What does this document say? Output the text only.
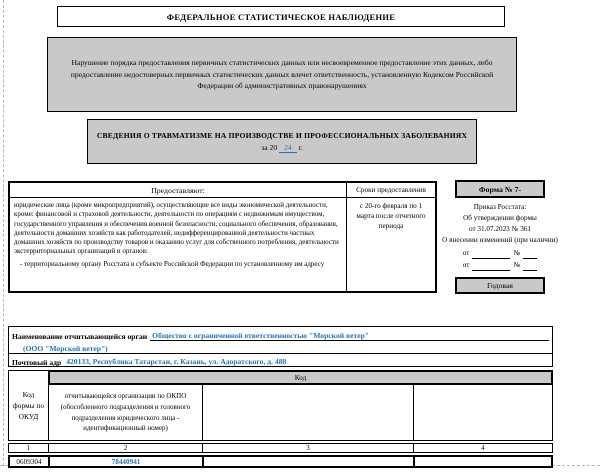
ФЕДЕРАЛЬНОЕ СТАТИСТИЧЕСКОЕ НАБЛЮДЕНИЕ
Нарушение порядка предоставления первичных статистических данных или несвоевременное предоставление этих данных, либо предоставление недостоверных первичных статистических данных влечет ответственность, установленную Кодексом Российской Федерации об административных правонарушениях
СВЕДЕНИЯ О ТРАВМАТИЗМЕ НА ПРОИЗВОДСТВЕ И ПРОФЕССИОНАЛЬНЫХ ЗАБОЛЕВАНИЯХ
за 20 24 г.
Предоставляют:	Сроки предоставления
юридические лица (кроме микропредприятий), осуществляющие все виды экономической деятельности, кроме: финансовой и страховой деятельности, деятельности по операциям с недвижимым имуществом, государственного управления и обеспечения военной безопасности, социального обеспечения, образования, деятельности домашних хозяйств как работодателей, недифференцированной деятельности частных домашних хозяйств по производству товаров и оказанию услуг для собственного потребления, деятельности экстерриториальных организаций и органов:
- территориальному органу Росстата в субъекте Российской Федерации по установленному им адресу
с 20-го февраля по 1 марта после отчетного периода
Форма № 7-
Приказ Росстата:
Об утверждении формы
от 31.07.2023 № 361
О внесении изменений (при наличии)
от	№
от	№
Годовая
Наименование отчитывающейся орган Общество с ограниченной ответственностью "Морской ветер"
(ООО "Морской ветер")
Почтовый адр 420133, Республика Татарстан, г. Казань, ул. Адоратского, д. 488
Код формы по ОКУД
Код
отчитывающейся организации по ОКПО (обособленного подразделения и головного подразделения юридического лица - идентификационный номер)
1	2	3	4
0609304	78440941
